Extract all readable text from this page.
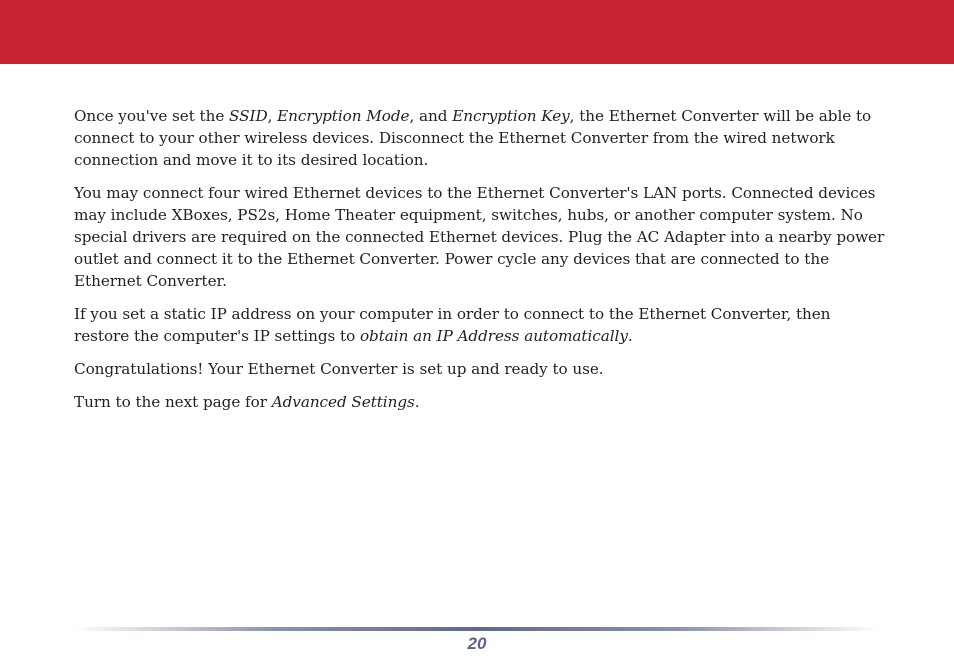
Once you've set the SSID, Encryption Mode, and Encryption Key, the Ethernet Converter will be able to connect to your other wireless devices. Disconnect the Ethernet Converter from the wired network connection and move it to its desired location.

You may connect four wired Ethernet devices to the Ethernet Converter's LAN ports. Connected devices may include XBoxes, PS2s, Home Theater equipment, switches, hubs, or another computer system. No special drivers are required on the connected Ethernet devices. Plug the AC Adapter into a nearby power outlet and connect it to the Ethernet Converter. Power cycle any devices that are connected to the Ethernet Converter.

If you set a static IP address on your computer in order to connect to the Ethernet Converter, then restore the computer's IP settings to obtain an IP Address automatically.

Congratulations! Your Ethernet Converter is set up and ready to use.

Turn to the next page for Advanced Settings.

20
